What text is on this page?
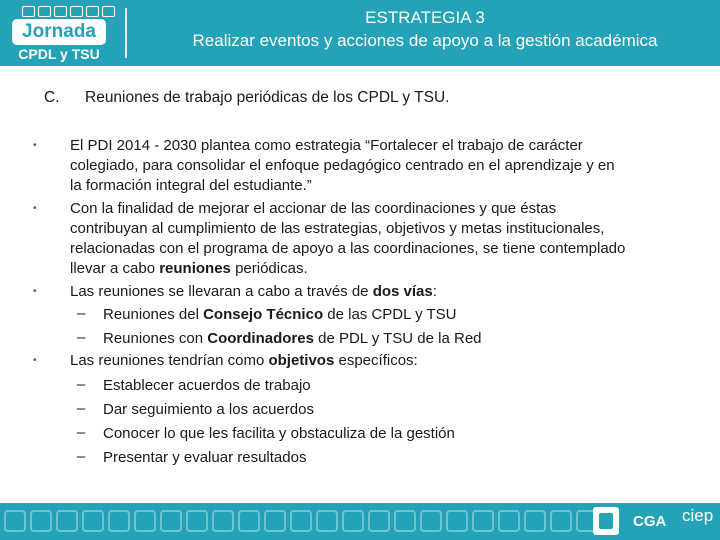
Jornada
CPDL y TSU
ESTRATEGIA 3
Realizar eventos y acciones de apoyo a la gestión académica
C. Reuniones de trabajo periódicas de los CPDL y TSU.
• El PDI 2014 - 2030 plantea como estrategia “Fortalecer el trabajo de carácter
colegiado, para consolidar el enfoque pedagógico centrado en el aprendizaje y en
la formación integral del estudiante.”
• Con la finalidad de mejorar el accionar de las coordinaciones y que éstas
contribuyan al cumplimiento de las estrategias, objetivos y metas institucionales,
relacionadas con el programa de apoyo a las coordinaciones, se tiene contemplado
llevar a cabo reuniones periódicas.
• Las reuniones se llevaran a cabo a través de dos vías:
– Reuniones del Consejo Técnico de las CPDL y TSU
– Reuniones con Coordinadores de PDL y TSU de la Red
• Las reuniones tendrían como objetivos específicos:
– Establecer acuerdos de trabajo
– Dar seguimiento a los acuerdos
– Conocer lo que les facilita y obstaculiza de la gestión
– Presentar y evaluar resultados
CGA ciep
